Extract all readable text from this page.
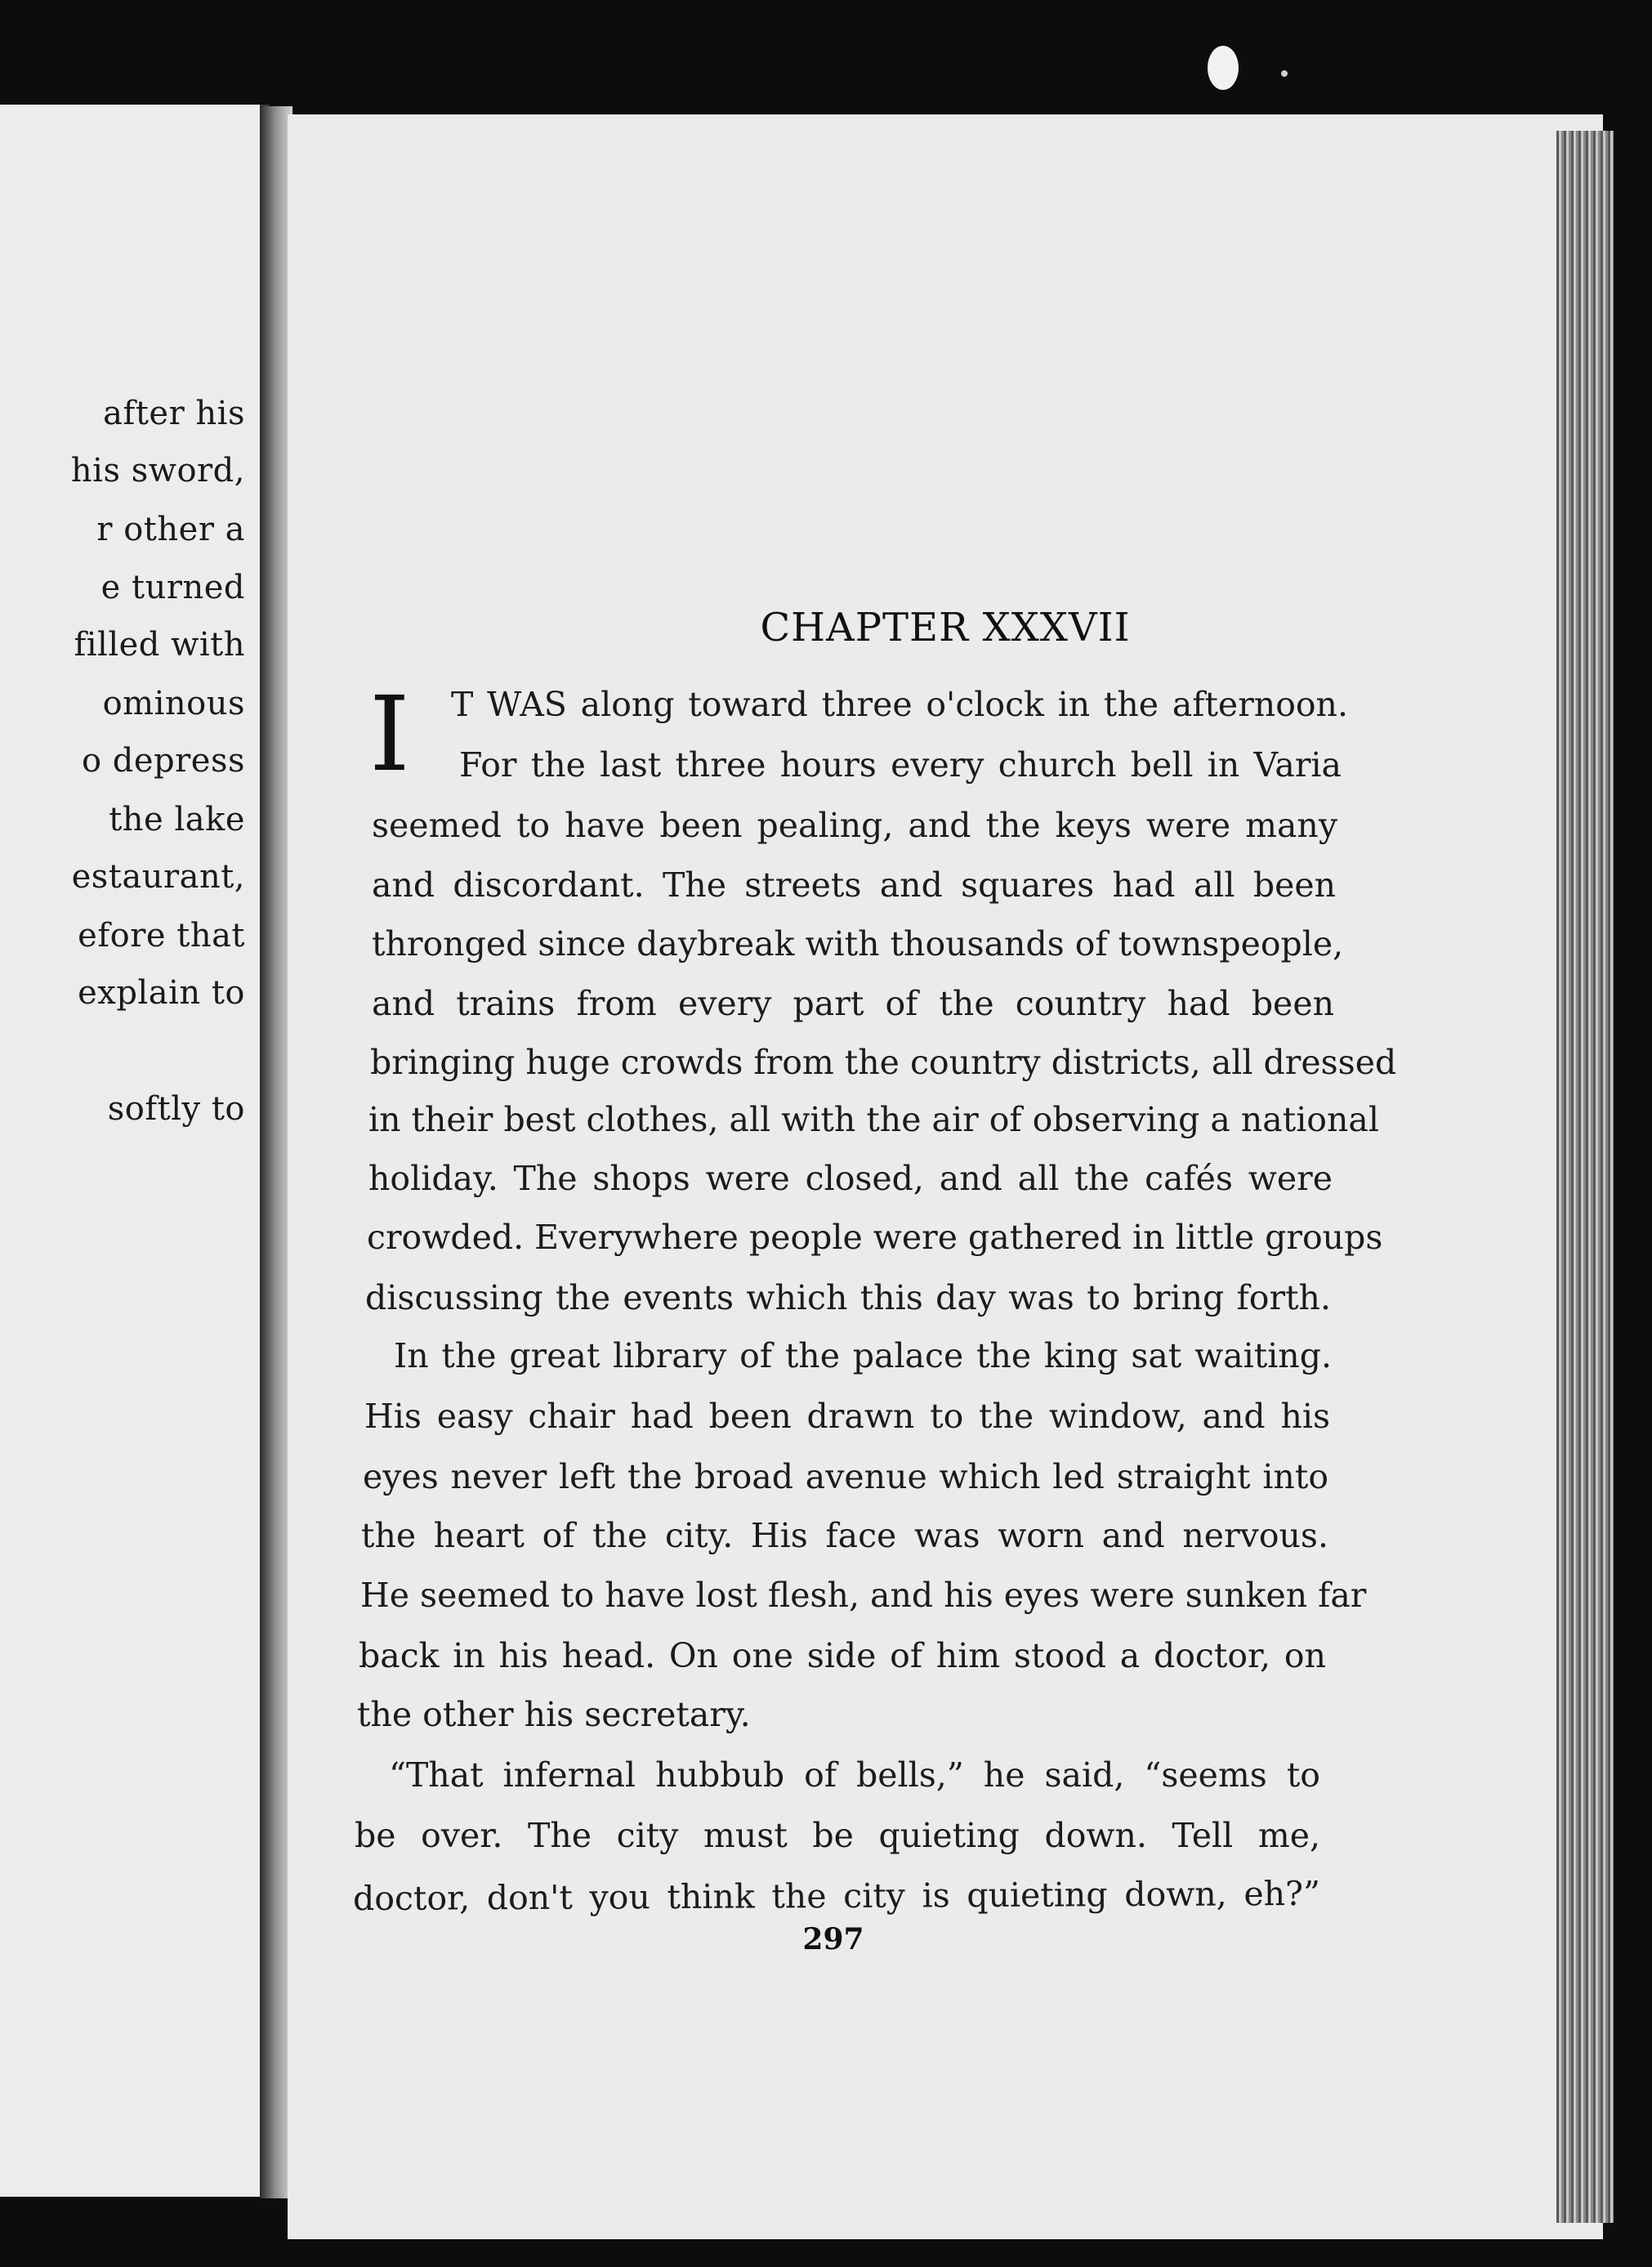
after his
his sword,
r other a
e turned
filled with
ominous
o depress
the lake
estaurant,
efore that
explain to
softly to
CHAPTER XXXVII
I T WAS along toward three o'clock in the afternoon.
For the last three hours every church bell in Varia
seemed to have been pealing, and the keys were many
and discordant. The streets and squares had all been
thronged since daybreak with thousands of townspeople,
and trains from every part of the country had been
bringing huge crowds from the country districts, all dressed
in their best clothes, all with the air of observing a national
holiday. The shops were closed, and all the cafés were
crowded. Everywhere people were gathered in little groups
discussing the events which this day was to bring forth.
In the great library of the palace the king sat waiting.
His easy chair had been drawn to the window, and his
eyes never left the broad avenue which led straight into
the heart of the city. His face was worn and nervous.
He seemed to have lost flesh, and his eyes were sunken far
back in his head. On one side of him stood a doctor, on
the other his secretary.
“That infernal hubbub of bells,” he said, “seems to
be over. The city must be quieting down. Tell me,
doctor, don't you think the city is quieting down, eh?”
297
